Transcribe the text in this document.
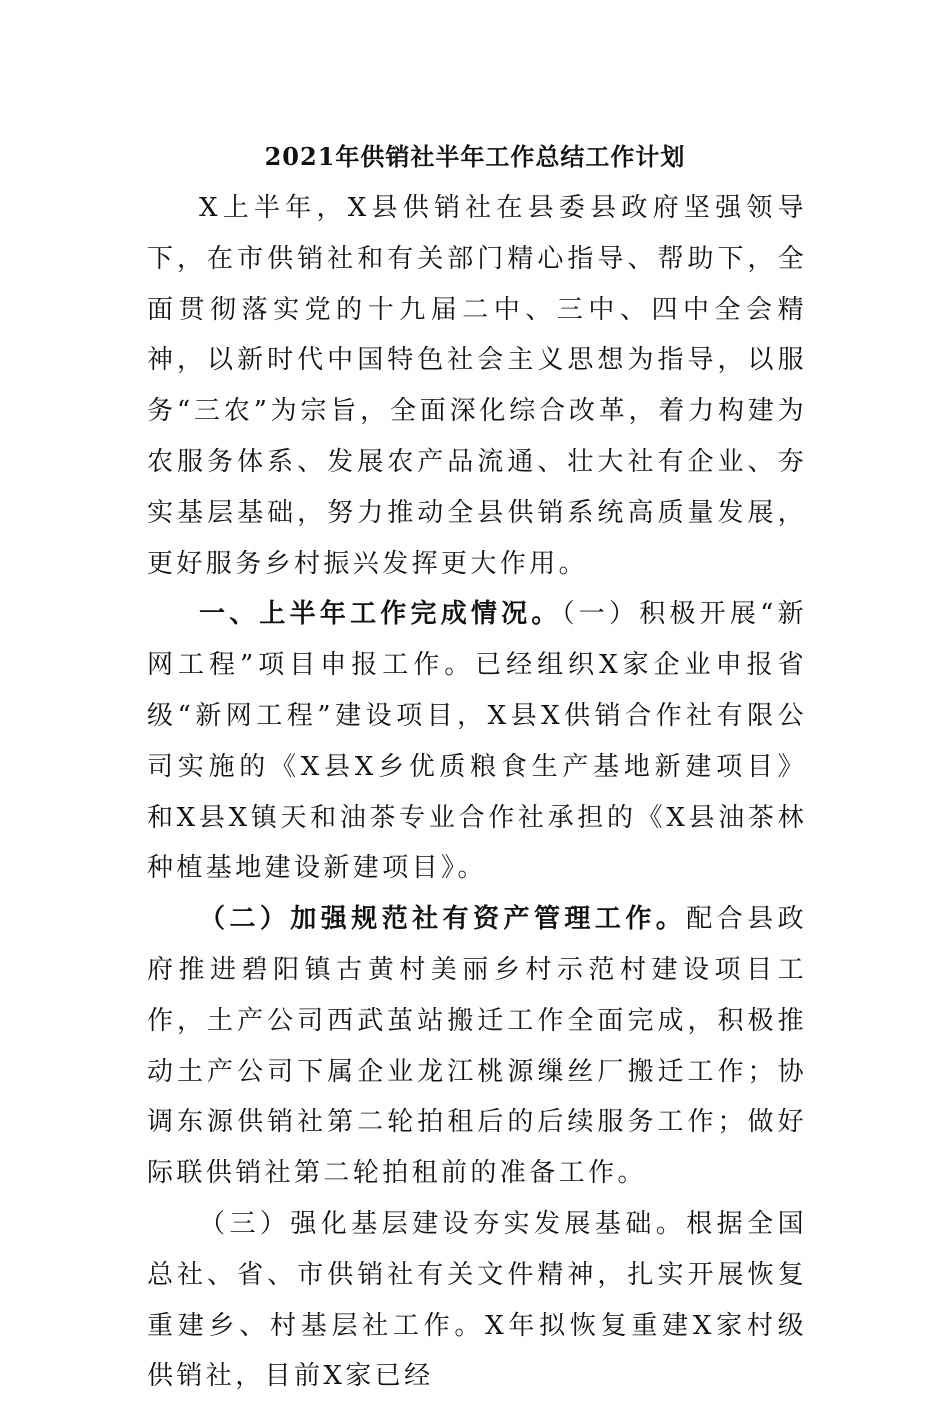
2021年供销社半年工作总结工作计划

X上半年，X县供销社在县委县政府坚强领导下，在市供销社和有关部门精心指导、帮助下，全面贯彻落实党的十九届二中、三中、四中全会精神，以新时代中国特色社会主义思想为指导，以服务“三农”为宗旨，全面深化综合改革，着力构建为农服务体系、发展农产品流通、壮大社有企业、夯实基层基础，努力推动全县供销系统高质量发展，更好服务乡村振兴发挥更大作用。

一、上半年工作完成情况。（一）积极开展“新网工程”项目申报工作。已经组织X家企业申报省级“新网工程”建设项目，X县X供销合作社有限公司实施的《X县X乡优质粮食生产基地新建项目》和X县X镇天和油茶专业合作社承担的《X县油茶林种植基地建设新建项目》。

（二）加强规范社有资产管理工作。配合县政府推进碧阳镇古黄村美丽乡村示范村建设项目工作，土产公司西武茧站搬迁工作全面完成，积极推动土产公司下属企业龙江桃源缫丝厂搬迁工作；协调东源供销社第二轮拍租后的后续服务工作；做好际联供销社第二轮拍租前的准备工作。

（三）强化基层建设夯实发展基础。根据全国总社、省、市供销社有关文件精神，扎实开展恢复重建乡、村基层社工作。X年拟恢复重建X家村级供销社，目前X家已经
